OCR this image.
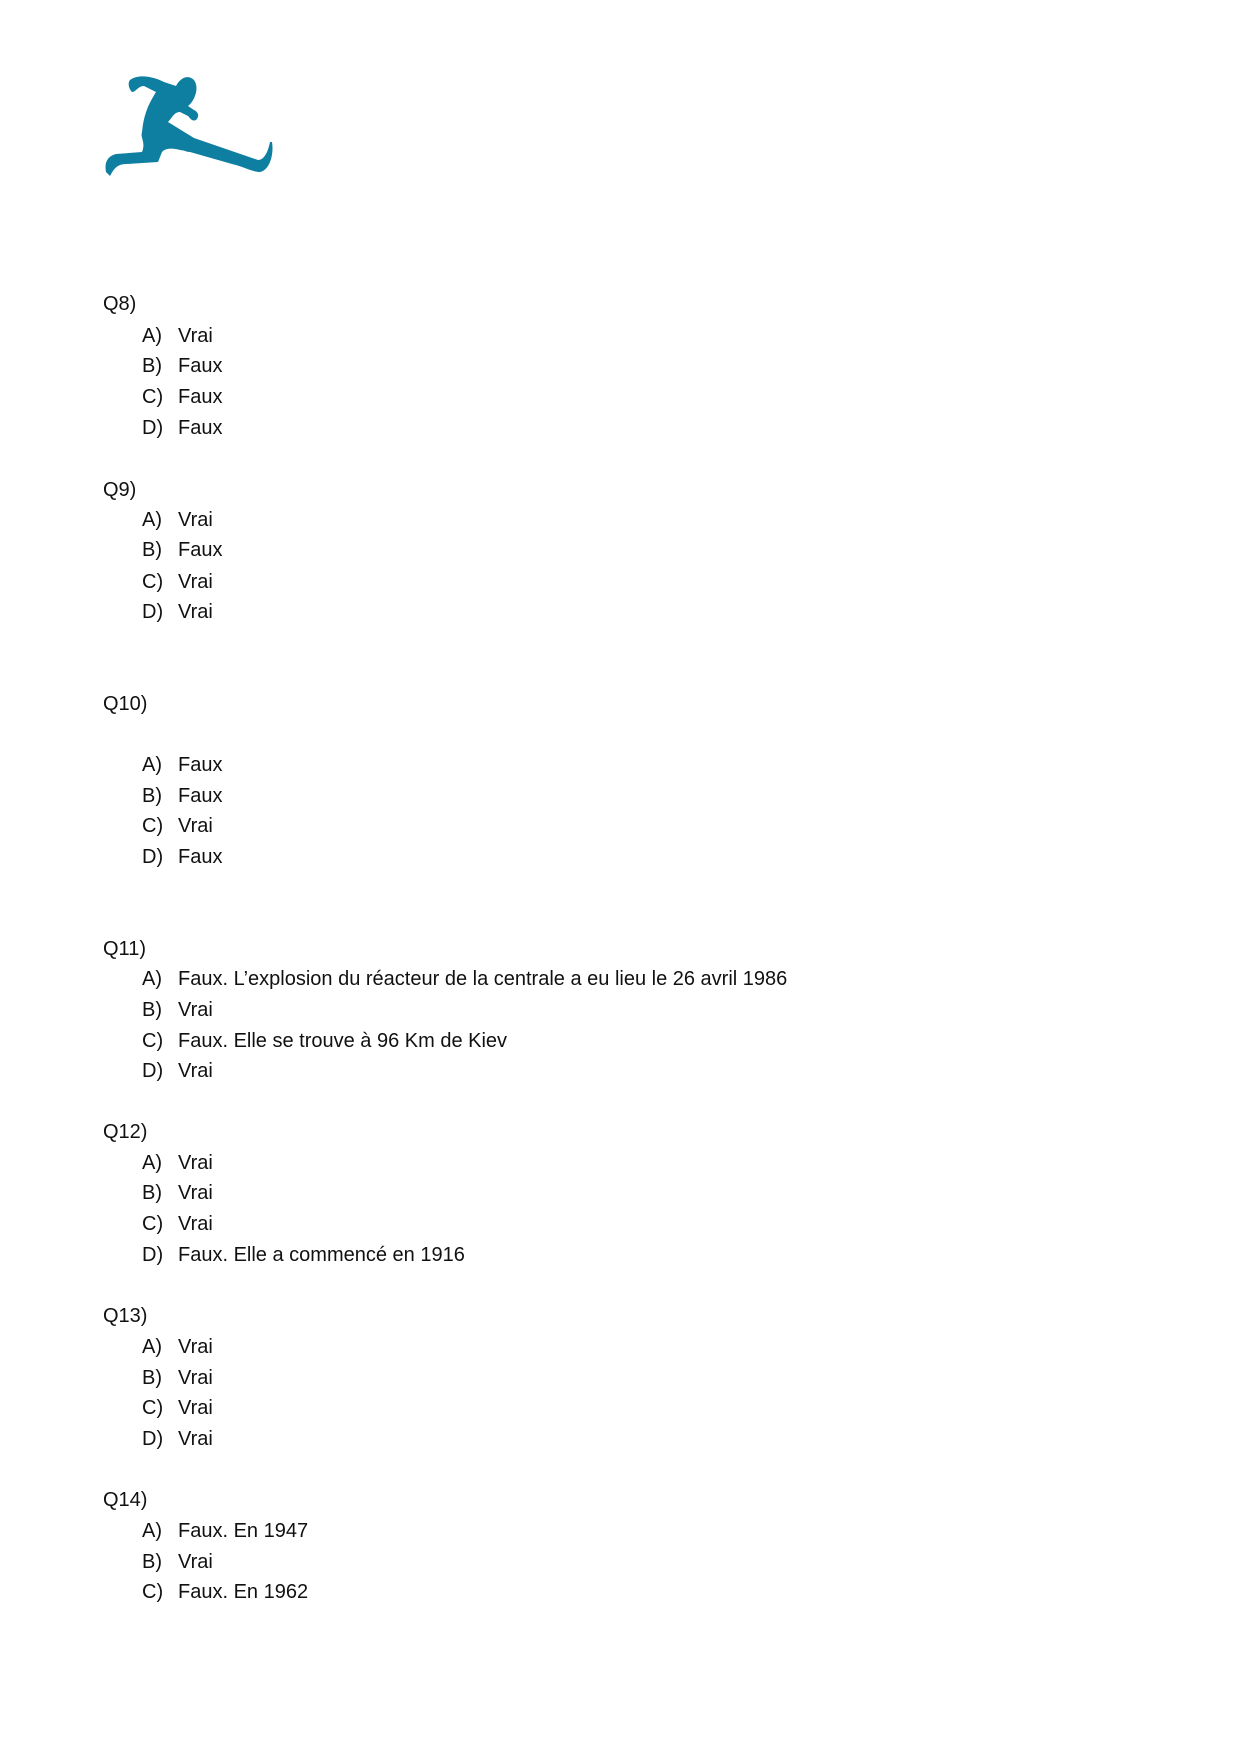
Q8)
A) Vrai
B) Faux
C) Faux
D) Faux
Q9)
A) Vrai
B) Faux
C) Vrai
D) Vrai
Q10)
A) Faux
B) Faux
C) Vrai
D) Faux
Q11)
A) Faux. L’explosion du réacteur de la centrale a eu lieu le 26 avril 1986
B) Vrai
C) Faux. Elle se trouve à 96 Km de Kiev
D) Vrai
Q12)
A) Vrai
B) Vrai
C) Vrai
D) Faux. Elle a commencé en 1916
Q13)
A) Vrai
B) Vrai
C) Vrai
D) Vrai
Q14)
A) Faux. En 1947
B) Vrai
C) Faux. En 1962
